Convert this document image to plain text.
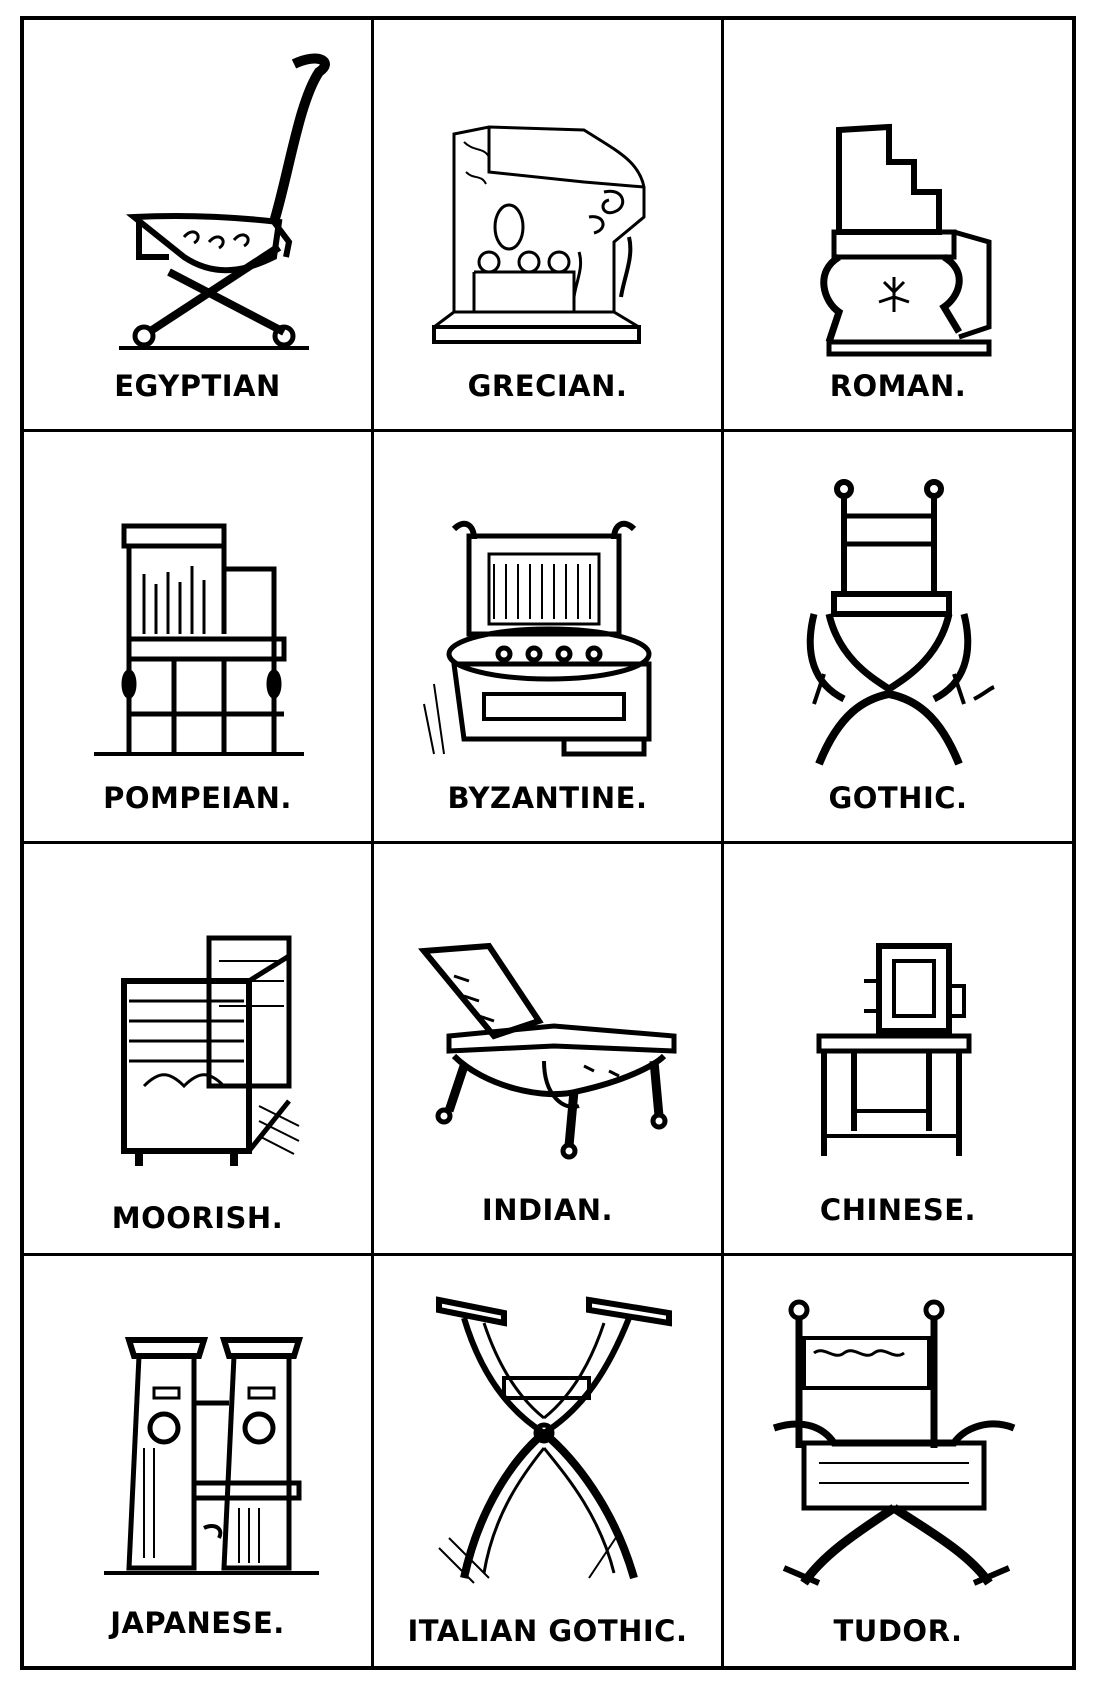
EGYPTIAN	GRECIAN.	ROMAN.
POMPEIAN.	BYZANTINE.	GOTHIC.
MOORISH.	INDIAN.	CHINESE.
JAPANESE.	ITALIAN GOTHIC.	TUDOR.
